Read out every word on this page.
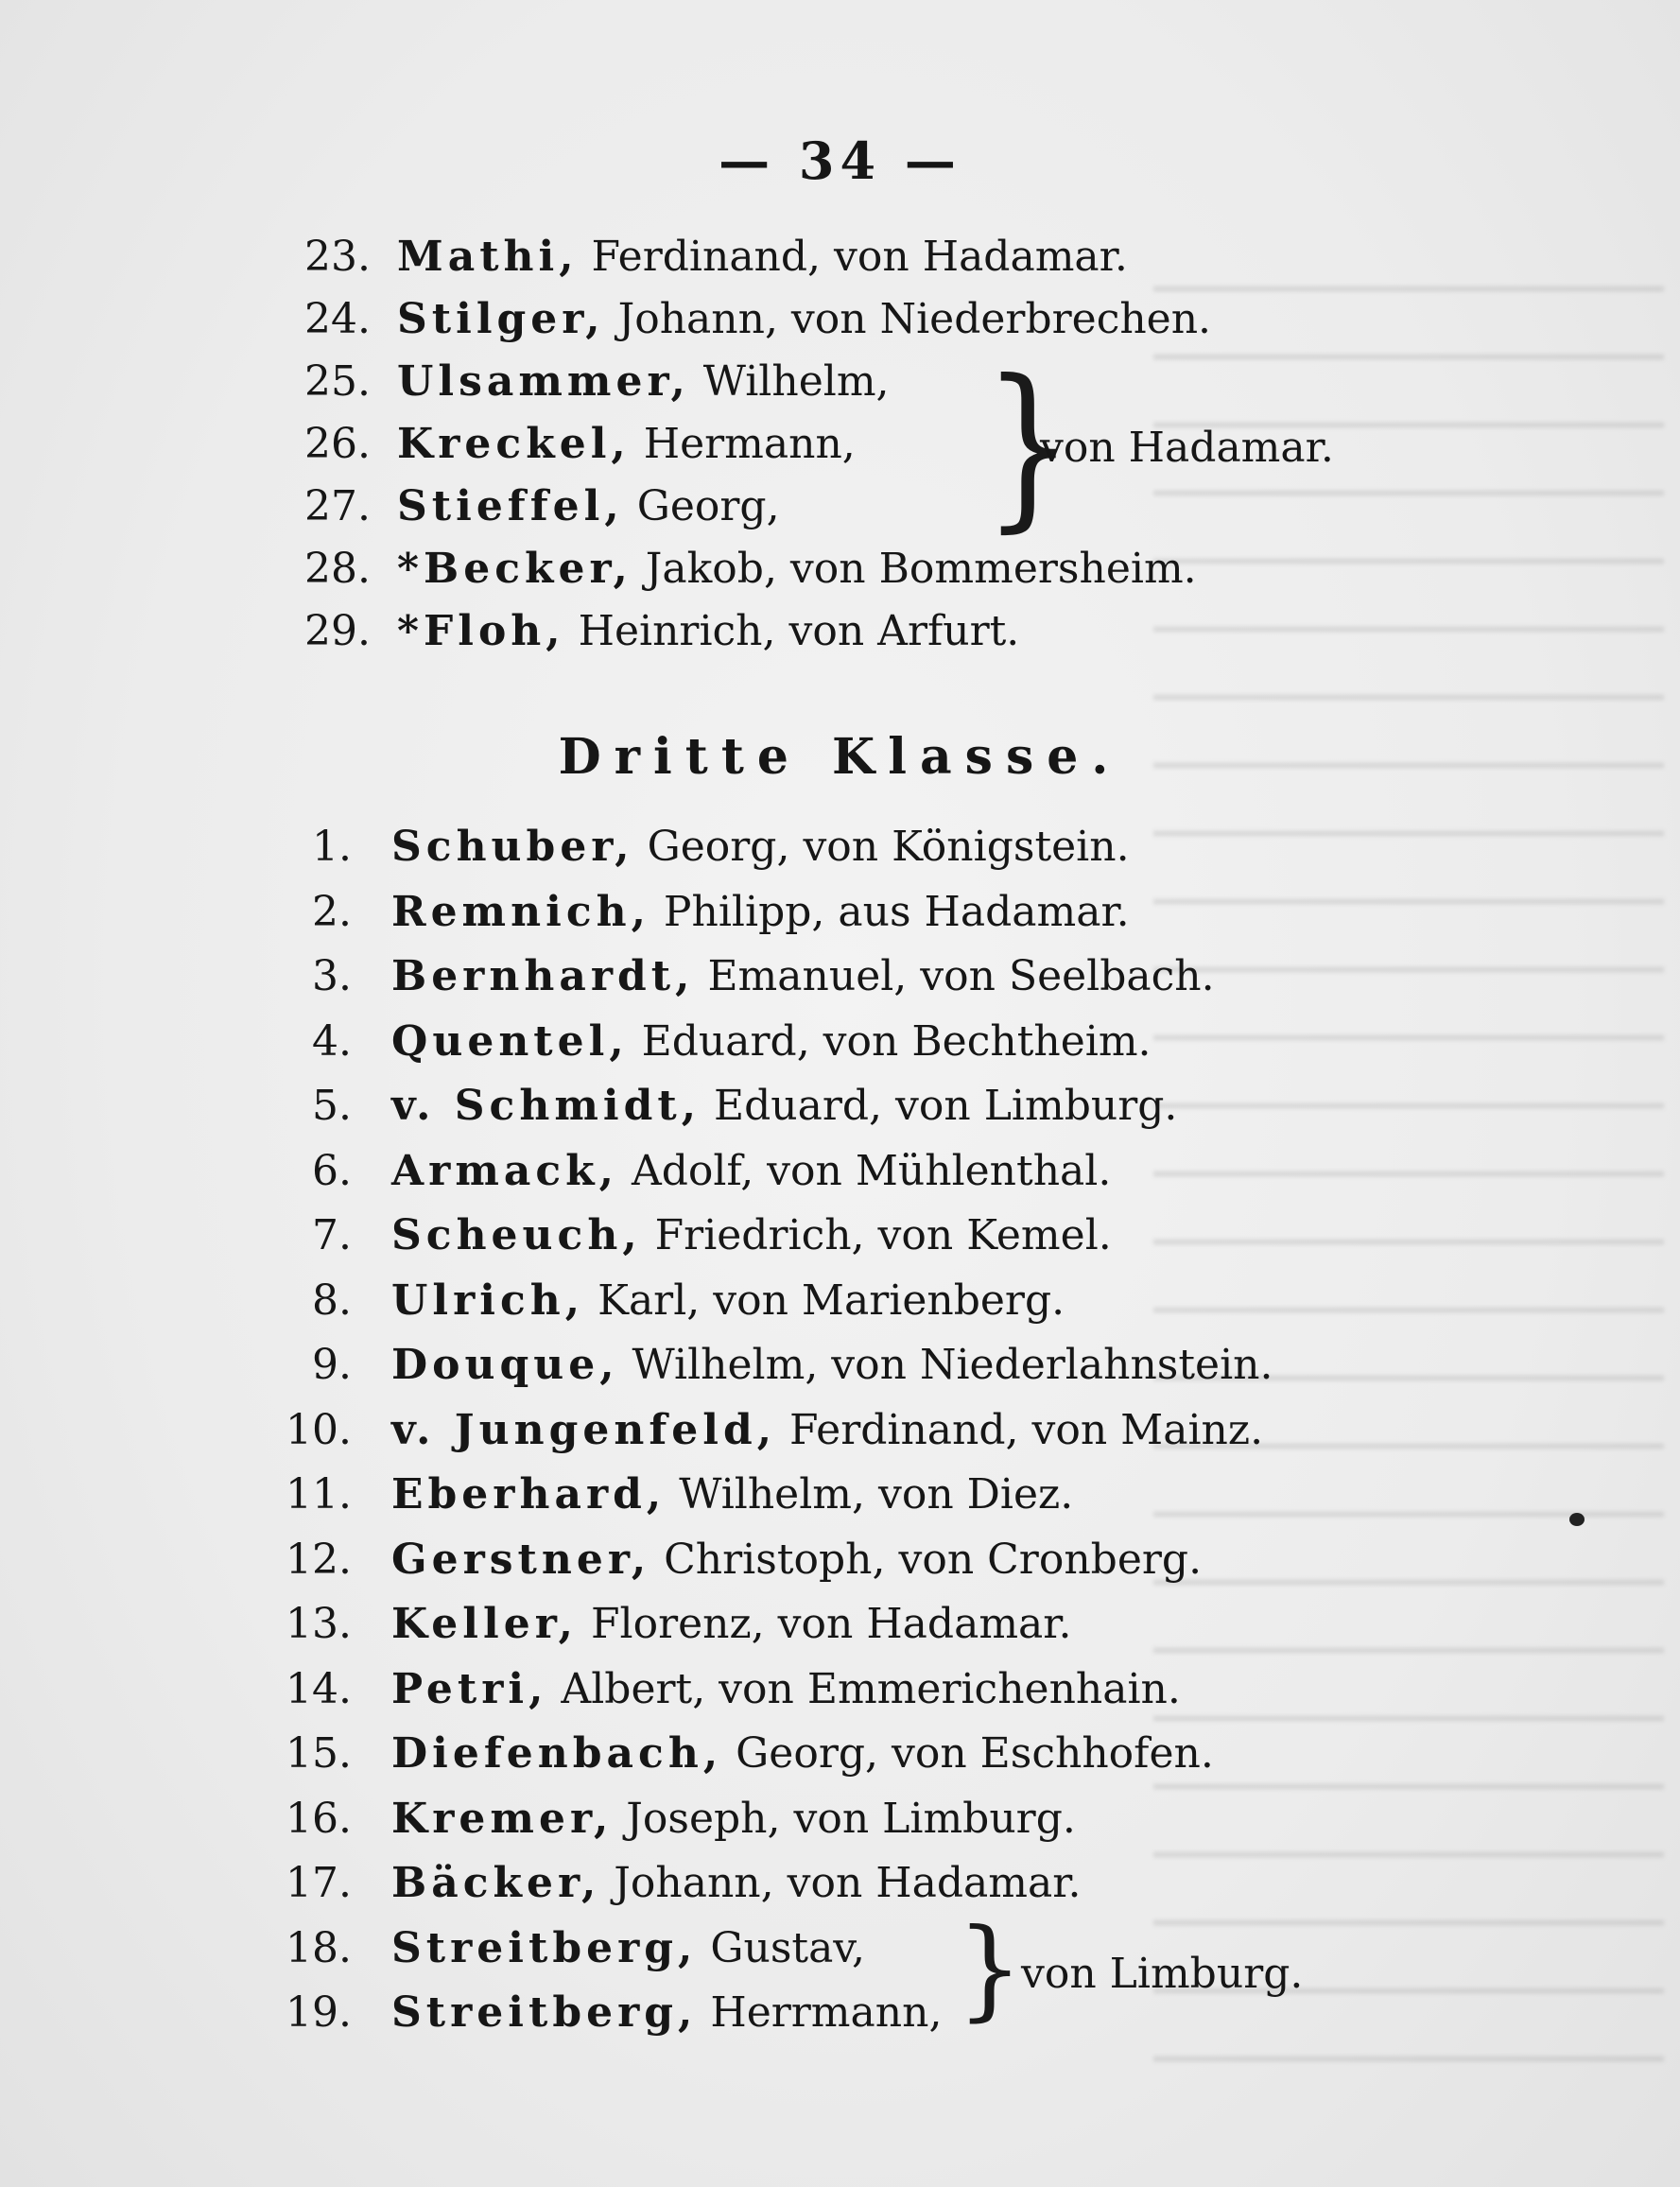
— 34 —
23. Mathi, Ferdinand, von Hadamar.
24. Stilger, Johann, von Niederbrechen.
25. Ulsammer, Wilhelm,
26. Kreckel, Hermann,
27. Stieffel, Georg,
28. *Becker, Jakob, von Bommersheim.
29. *Floh, Heinrich, von Arfurt.
}
von Hadamar.
Dritte Klasse.
1. Schuber, Georg, von Königstein.
2. Remnich, Philipp, aus Hadamar.
3. Bernhardt, Emanuel, von Seelbach.
4. Quentel, Eduard, von Bechtheim.
5. v. Schmidt, Eduard, von Limburg.
6. Armack, Adolf, von Mühlenthal.
7. Scheuch, Friedrich, von Kemel.
8. Ulrich, Karl, von Marienberg.
9. Douque, Wilhelm, von Niederlahnstein.
10. v. Jungenfeld, Ferdinand, von Mainz.
11. Eberhard, Wilhelm, von Diez.
12. Gerstner, Christoph, von Cronberg.
13. Keller, Florenz, von Hadamar.
14. Petri, Albert, von Emmerichenhain.
15. Diefenbach, Georg, von Eschhofen.
16. Kremer, Joseph, von Limburg.
17. Bäcker, Johann, von Hadamar.
18. Streitberg, Gustav,
19. Streitberg, Herrmann, }
von Limburg.
